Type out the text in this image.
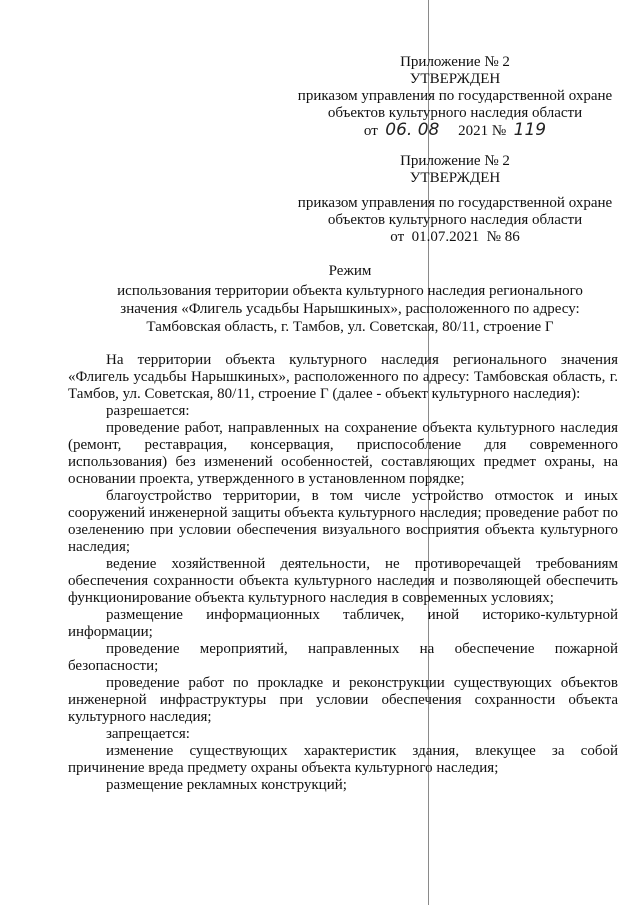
Приложение № 2

УТВЕРЖДЕН

приказом управления по государственной охране

объектов культурного наследия области

от 06. 08 2021 № 119

Приложение № 2

УТВЕРЖДЕН

приказом управления по государственной охране

объектов культурного наследия области

от  01.07.2021  № 86

Режим

использования территории объекта культурного наследия регионального

значения «Флигель усадьбы Нарышкиных», расположенного по адресу:

Тамбовская область, г. Тамбов, ул. Советская, 80/11, строение Г

На территории объекта культурного наследия регионального значения «Флигель усадьбы Нарышкиных», расположенного по адресу: Тамбовская область, г. Тамбов, ул. Советская, 80/11, строение Г (далее - объект культурного наследия):

разрешается:

проведение работ, направленных на сохранение объекта культурного наследия (ремонт, реставрация, консервация, приспособление для современного использования) без изменений особенностей, составляющих предмет охраны, на основании проекта, утвержденного в установленном порядке;

благоустройство территории, в том числе устройство отмосток и иных сооружений инженерной защиты объекта культурного наследия; проведение работ по озеленению при условии обеспечения визуального восприятия объекта культурного наследия;

ведение хозяйственной деятельности, не противоречащей требованиям обеспечения сохранности объекта культурного наследия и позволяющей обеспечить функционирование объекта культурного наследия в современных условиях;

размещение информационных табличек, иной историко-культурной информации;

проведение мероприятий, направленных на обеспечение пожарной безопасности;

проведение работ по прокладке и реконструкции существующих объектов инженерной инфраструктуры при условии обеспечения сохранности объекта культурного наследия;

запрещается:

изменение существующих характеристик здания, влекущее за собой причинение вреда предмету охраны объекта культурного наследия;

размещение рекламных конструкций;
